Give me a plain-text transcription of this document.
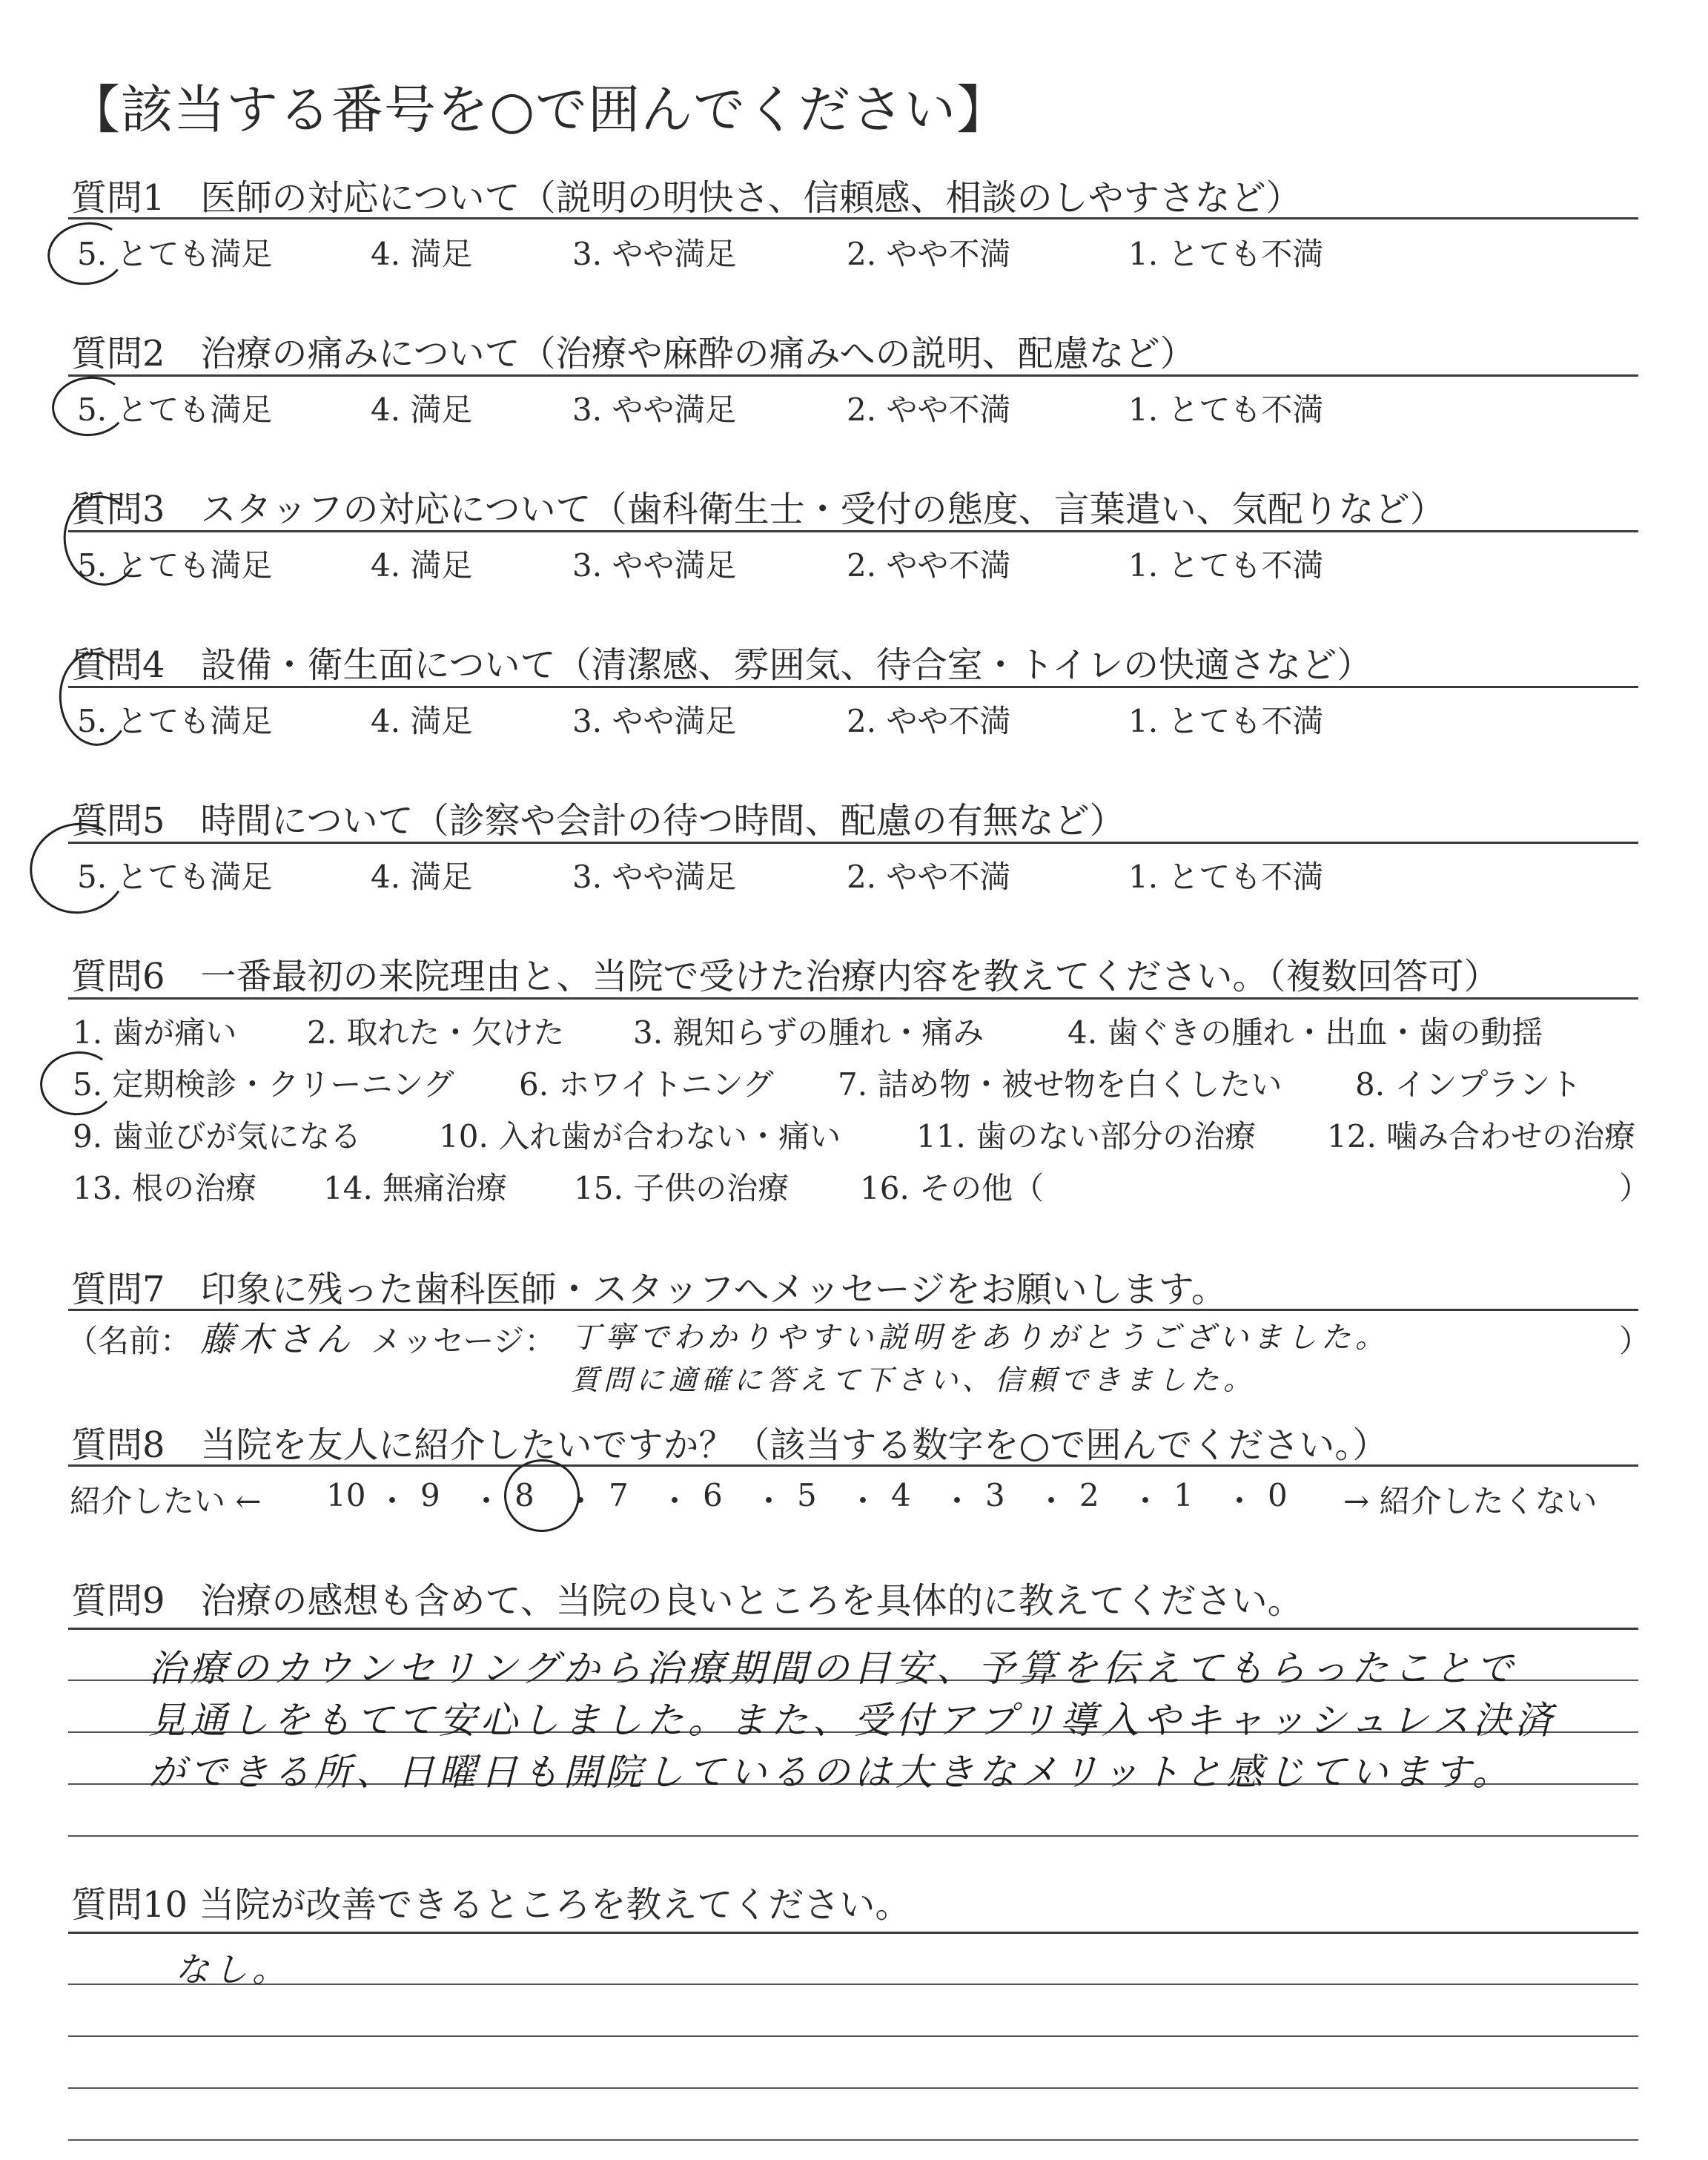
【該当する番号を○で囲んでください】
質問1　医師の対応について（説明の明快さ、信頼感、相談のしやすさなど）
5. とても満足	4. 満足	3. やや満足	2. やや不満	1. とても不満
質問2　治療の痛みについて（治療や麻酔の痛みへの説明、配慮など）
5. とても満足	4. 満足	3. やや満足	2. やや不満	1. とても不満
質問3　スタッフの対応について（歯科衛生士・受付の態度、言葉遣い、気配りなど）
5. とても満足	4. 満足	3. やや満足	2. やや不満	1. とても不満
質問4　設備・衛生面について（清潔感、雰囲気、待合室・トイレの快適さなど）
5. とても満足	4. 満足	3. やや満足	2. やや不満	1. とても不満
質問5　時間について（診察や会計の待つ時間、配慮の有無など）
5. とても満足	4. 満足	3. やや満足	2. やや不満	1. とても不満
質問6　一番最初の来院理由と、当院で受けた治療内容を教えてください。（複数回答可）
1. 歯が痛い 2. 取れた・欠けた 3. 親知らずの腫れ・痛み	4. 歯ぐきの腫れ・出血・歯の動揺
5. 定期検診・クリーニング 6. ホワイトニング 7. 詰め物・被せ物を白くしたい 8. インプラント
9. 歯並びが気になる 10. 入れ歯が合わない・痛い 11. 歯のない部分の治療 12. 噛み合わせの治療
13. 根の治療 14. 無痛治療 15. 子供の治療 16. その他（	）
質問7　印象に残った歯科医師・スタッフへメッセージをお願いします。
（名前： 藤木さん メッセージ： 丁寧でわかりやすい説明をありがとうございました。
質問に適確に答えて下さい、信頼できました。
）
質問8　当院を友人に紹介したいですか？（該当する数字を○で囲んでください。）
紹介したい ← 10 ・ 9 ・ 8 ・ 7 ・ 6 ・ 5 ・ 4 ・ 3 ・ 2 ・ 1 ・ 0 → 紹介したくない
質問9　治療の感想も含めて、当院の良いところを具体的に教えてください。
治療のカウンセリングから治療期間の目安、予算を伝えてもらったことで
見通しをもてて安心しました。また、受付アプリ導入やキャッシュレス決済
ができる所、日曜日も開院しているのは大きなメリットと感じています。
質問10 当院が改善できるところを教えてください。
なし。
